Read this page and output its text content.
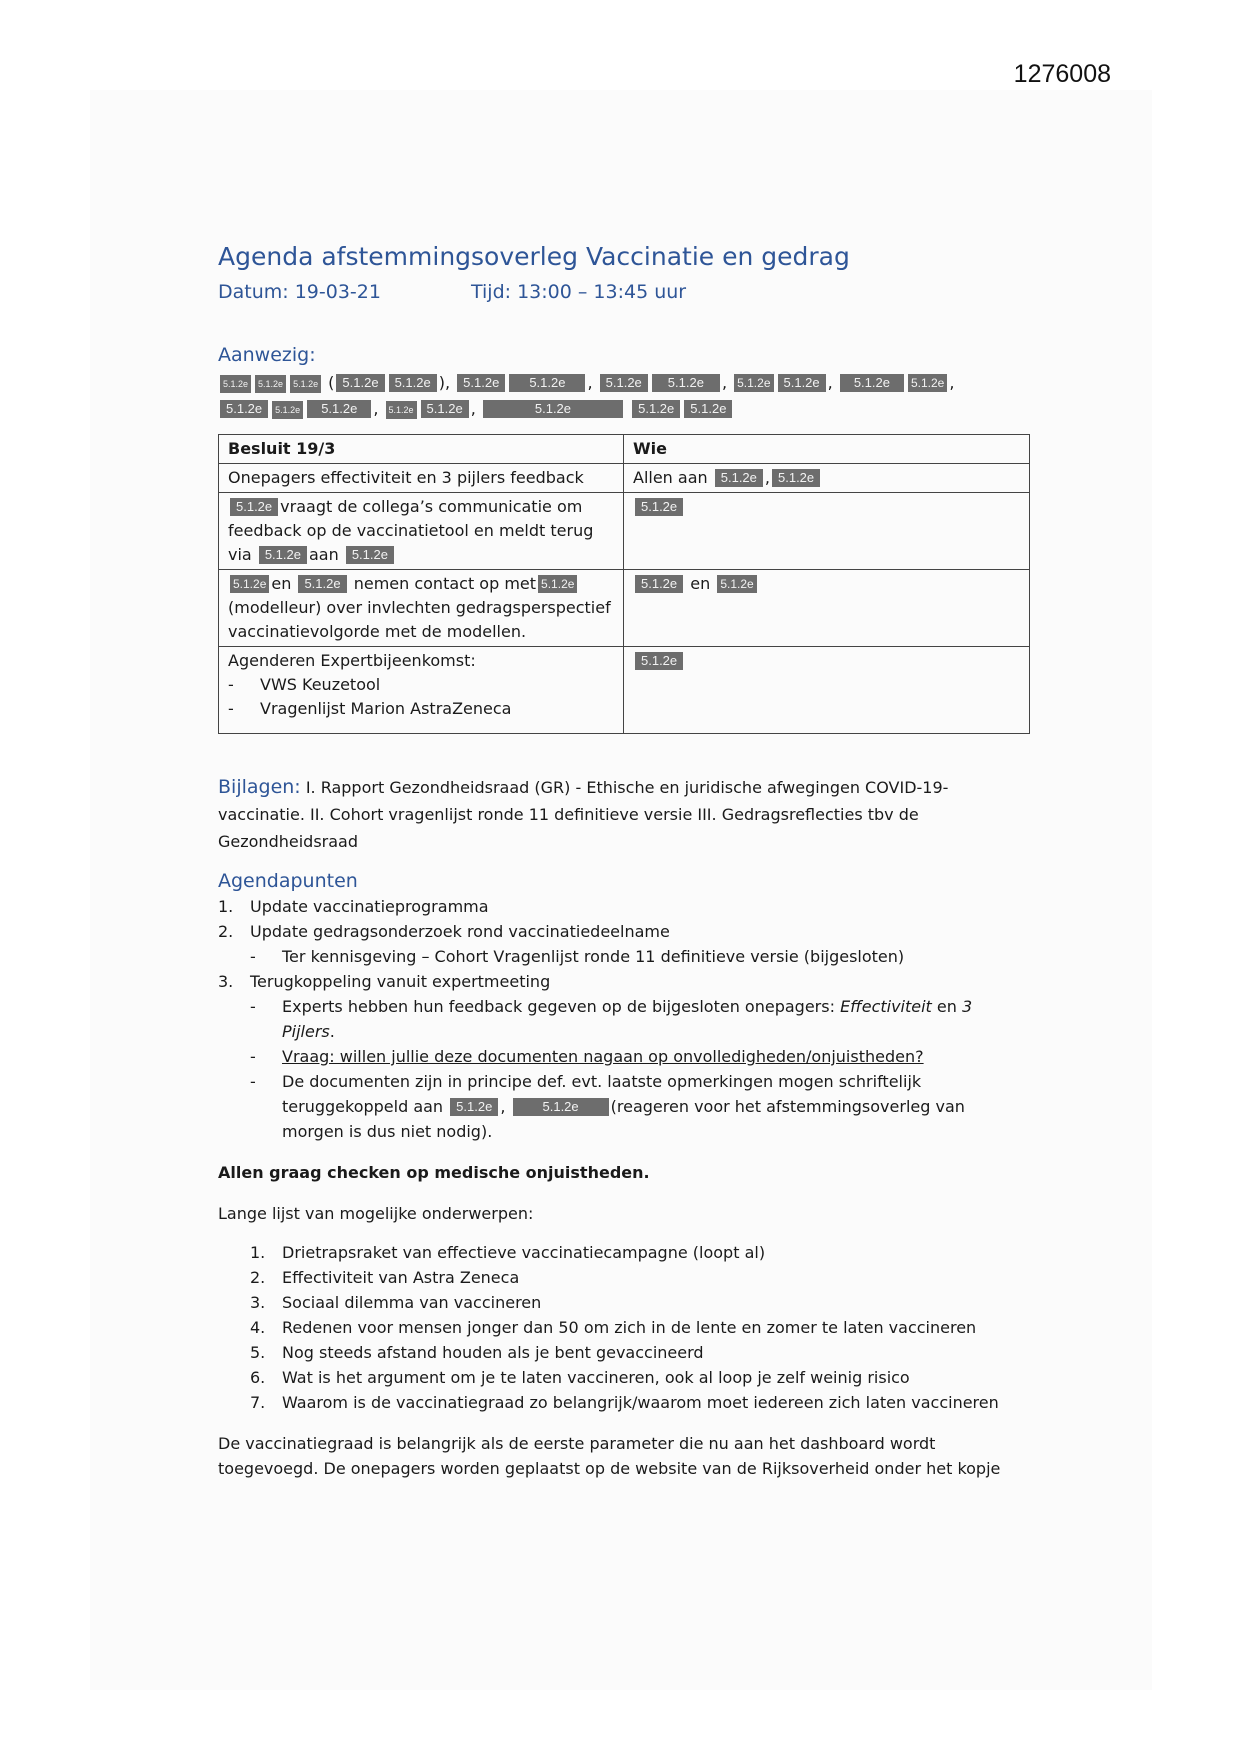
1276008
Agenda afstemmingsoverleg Vaccinatie en gedrag
Datum: 19-03-21	Tijd: 13:00 – 13:45 uur
Aanwezig:
5.1.2e 5.1.2e 5.1.2e ( 5.1.2e 5.1.2e ), 5.1.2e 5.1.2e , 5.1.2e 5.1.2e , 5.1.2e 5.1.2e , 5.1.2e 5.1.2e ,
5.1.2e 5.1.2e 5.1.2e , 5.1.2e 5.1.2e ,	5.1.2e	5.1.2e 5.1.2e
Besluit 19/3	Wie
Onepagers effectiviteit en 3 pijlers feedback	Allen aan 5.1.2e , 5.1.2e
5.1.2e vraagt de collega’s communicatie om
feedback op de vaccinatietool en meldt terug
via 5.1.2e aan 5.1.2e	5.1.2e
5.1.2e en 5.1.2e nemen contact op met 5.1.2e
(modelleur) over invlechten gedragsperspectief
vaccinatievolgorde met de modellen.	5.1.2e en 5.1.2e
Agenderen Expertbijeenkomst:
- VWS Keuzetool
- Vragenlijst Marion AstraZeneca	5.1.2e
Bijlagen: I. Rapport Gezondheidsraad (GR) - Ethische en juridische afwegingen COVID-19-vaccinatie. II. Cohort vragenlijst ronde 11 definitieve versie III. Gedragsreflecties tbv de Gezondheidsraad
Agendapunten
1. Update vaccinatieprogramma
2. Update gedragsonderzoek rond vaccinatiedeelname
- Ter kennisgeving – Cohort Vragenlijst ronde 11 definitieve versie (bijgesloten)
3. Terugkoppeling vanuit expertmeeting
- Experts hebben hun feedback gegeven op de bijgesloten onepagers: Effectiviteit en 3 Pijlers.
- Vraag: willen jullie deze documenten nagaan op onvolledigheden/onjuistheden?
- De documenten zijn in principe def. evt. laatste opmerkingen mogen schriftelijk
teruggekoppeld aan 5.1.2e , 5.1.2e (reageren voor het afstemmingsoverleg van
morgen is dus niet nodig).
Allen graag checken op medische onjuistheden.
Lange lijst van mogelijke onderwerpen:
1. Drietrapsraket van effectieve vaccinatiecampagne (loopt al)
2. Effectiviteit van Astra Zeneca
3. Sociaal dilemma van vaccineren
4. Redenen voor mensen jonger dan 50 om zich in de lente en zomer te laten vaccineren
5. Nog steeds afstand houden als je bent gevaccineerd
6. Wat is het argument om je te laten vaccineren, ook al loop je zelf weinig risico
7. Waarom is de vaccinatiegraad zo belangrijk/waarom moet iedereen zich laten vaccineren
De vaccinatiegraad is belangrijk als de eerste parameter die nu aan het dashboard wordt
toegevoegd. De onepagers worden geplaatst op de website van de Rijksoverheid onder het kopje
